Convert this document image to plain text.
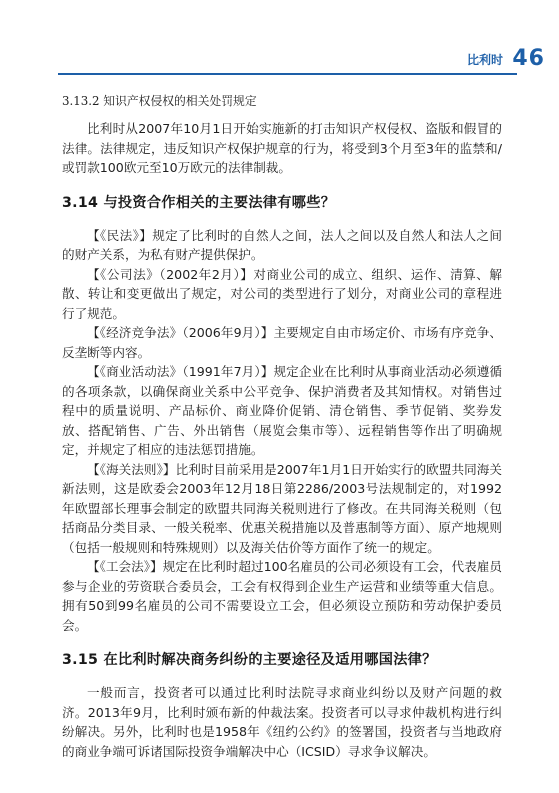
比利时 46
3.13.2 知识产权侵权的相关处罚规定

比利时从2007年10月1日开始实施新的打击知识产权侵权、盗版和假冒的法律。法律规定，违反知识产权保护规章的行为，将受到3个月至3年的监禁和/或罚款100欧元至10万欧元的法律制裁。

3.14 与投资合作相关的主要法律有哪些？

【《民法》】规定了比利时的自然人之间，法人之间以及自然人和法人之间的财产关系，为私有财产提供保护。

【《公司法》（2002年2月）】对商业公司的成立、组织、运作、清算、解散、转让和变更做出了规定，对公司的类型进行了划分，对商业公司的章程进行了规范。

【《经济竞争法》（2006年9月）】主要规定自由市场定价、市场有序竞争、反垄断等内容。

【《商业活动法》（1991年7月）】规定企业在比利时从事商业活动必须遵循的各项条款，以确保商业关系中公平竞争、保护消费者及其知情权。对销售过程中的质量说明、产品标价、商业降价促销、清仓销售、季节促销、奖券发放、搭配销售、广告、外出销售（展览会集市等）、远程销售等作出了明确规定，并规定了相应的违法惩罚措施。

【《海关法则》】比利时目前采用是2007年1月1日开始实行的欧盟共同海关新法则，这是欧委会2003年12月18日第2286/2003号法规制定的，对1992年欧盟部长理事会制定的欧盟共同海关税则进行了修改。在共同海关税则（包括商品分类目录、一般关税率、优惠关税措施以及普惠制等方面）、原产地规则（包括一般规则和特殊规则）以及海关估价等方面作了统一的规定。

【《工会法》】规定在比利时超过100名雇员的公司必须设有工会，代表雇员参与企业的劳资联合委员会，工会有权得到企业生产运营和业绩等重大信息。拥有50到99名雇员的公司不需要设立工会，但必须设立预防和劳动保护委员会。

3.15 在比利时解决商务纠纷的主要途径及适用哪国法律？

一般而言，投资者可以通过比利时法院寻求商业纠纷以及财产问题的救济。2013年9月，比利时颁布新的仲裁法案。投资者可以寻求仲裁机构进行纠纷解决。另外，比利时也是1958年《纽约公约》的签署国，投资者与当地政府的商业争端可诉诸国际投资争端解决中心（ICSID）寻求争议解决。
